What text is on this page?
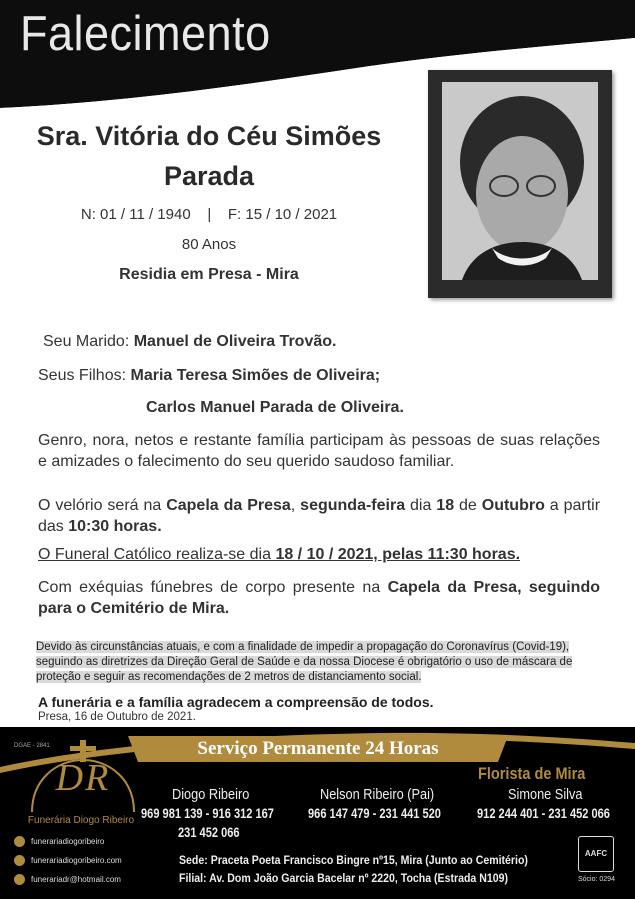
Falecimento
Sra. Vitória do Céu Simões
Parada
N: 01 / 11 / 1940    |    F: 15 / 10 / 2021
80 Anos
Residia em Presa - Mira
Seu Marido: Manuel de Oliveira Trovão.
Seus Filhos: Maria Teresa Simões de Oliveira;
Carlos Manuel Parada de Oliveira.
Genro, nora, netos e restante família participam às pessoas de suas relações e amizades o falecimento do seu querido saudoso familiar.
O velório será na Capela da Presa, segunda-feira dia 18 de Outubro a partir das 10:30 horas.
O Funeral Católico realiza-se dia 18 / 10 / 2021, pelas 11:30 horas.
Com exéquias fúnebres de corpo presente na Capela da Presa, seguindo para o Cemitério de Mira.
Devido às circunstâncias atuais, e com a finalidade de impedir a propagação do Coronavírus (Covid-19), seguindo as diretrizes da Direção Geral de Saúde e da nossa Diocese é obrigatório o uso de máscara de proteção e seguir as recomendações de 2 metros de distanciamento social.
A funerária e a família agradecem a compreensão de todos.
Presa, 16 de Outubro de 2021.
Serviço Permanente 24 Horas
DGAE - 2841
DR
Funerária Diogo Ribeiro
funerariadiogoribeiro
funerariadiogoribeiro.com
funerariadr@hotmail.com
Diogo Ribeiro
969 981 139 - 916 312 167
231 452 066
Nelson Ribeiro (Pai)
966 147 479 - 231 441 520
Florista de Mira
Simone Silva
912 244 401 - 231 452 066
Sede: Praceta Poeta Francisco Bingre nº15, Mira (Junto ao Cemitério)
Filial: Av. Dom João Garcia Bacelar nº 2220, Tocha (Estrada N109)
AAFC
Sócio: 0294
